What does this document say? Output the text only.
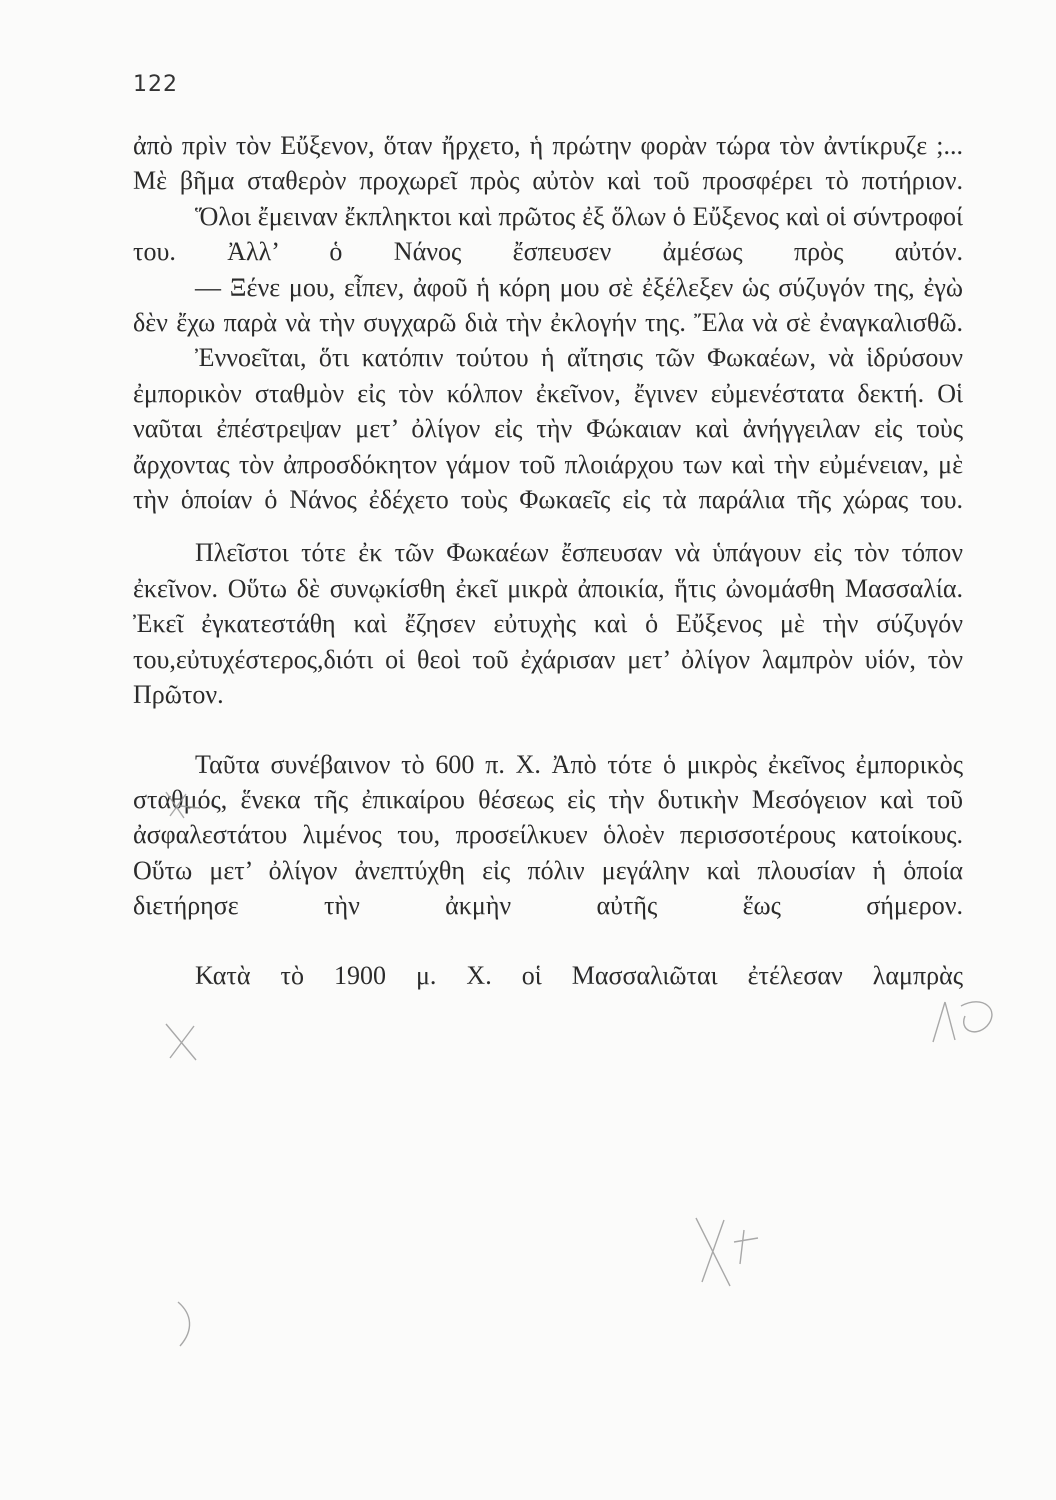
122

ἀπὸ πρὶν τὸν Εὔξενον, ὅταν ἤρχετο, ἡ πρώτην φορὰν τώρα τὸν ἀντίκρυζε ;... Μὲ βῆμα σταθερὸν προχωρεῖ πρὸς αὐτὸν καὶ τοῦ προσφέρει τὸ ποτήριον.

Ὅλοι ἔμειναν ἔκπληκτοι καὶ πρῶτος ἐξ ὅλων ὁ Εὔξενος καὶ οἱ σύντροφοί του. Ἀλλ’ ὁ Νάνος ἔσπευσεν ἀμέσως πρὸς αὐτόν.

— Ξένε μου, εἶπεν, ἀφοῦ ἡ κόρη μου σὲ ἐξέλεξεν ὡς σύζυγόν της, ἐγὼ δὲν ἔχω παρὰ νὰ τὴν συγχαρῶ διὰ τὴν ἐκλογήν της. Ἔλα νὰ σὲ ἐναγκαλισθῶ.

Ἐννοεῖται, ὅτι κατόπιν τούτου ἡ αἴτησις τῶν Φωκαέων, νὰ ἱδρύσουν ἐμπορικὸν σταθμὸν εἰς τὸν κόλπον ἐκεῖνον, ἔγινεν εὐμενέστατα δεκτή. Οἱ ναῦται ἐπέστρεψαν μετ’ ὀλίγον εἰς τὴν Φώκαιαν καὶ ἀνήγγειλαν εἰς τοὺς ἄρχοντας τὸν ἀπροσδόκητον γάμον τοῦ πλοιάρχου των καὶ τὴν εὐμένειαν, μὲ τὴν ὁποίαν ὁ Νάνος ἐδέχετο τοὺς Φωκαεῖς εἰς τὰ παράλια τῆς χώρας του.

Πλεῖστοι τότε ἐκ τῶν Φωκαέων ἔσπευσαν νὰ ὑπάγουν εἰς τὸν τόπον ἐκεῖνον. Οὕτω δὲ συνῳκίσθη ἐκεῖ μικρὰ ἀποικία, ἥτις ὠνομάσθη Μασσαλία. Ἐκεῖ ἐγκατεστάθη καὶ ἔζησεν εὐτυχὴς καὶ ὁ Εὔξενος μὲ τὴν σύζυγόν του,εὐτυχέστερος,διότι οἱ θεοὶ τοῦ ἐχάρισαν μετ’ ὀλίγον λαμπρὸν υἱόν, τὸν Πρῶτον.

Ταῦτα συνέβαινον τὸ 600 π. Χ. Ἀπὸ τότε ὁ μικρὸς ἐκεῖνος ἐμπορικὸς σταθμός, ἕνεκα τῆς ἐπικαίρου θέσεως εἰς τὴν δυτικὴν Μεσόγειον καὶ τοῦ ἀσφαλεστάτου λιμένος του, προσείλκυεν ὁλοὲν περισσοτέρους κατοίκους. Οὕτω μετ’ ὀλίγον ἀνεπτύχθη εἰς πόλιν μεγάλην καὶ πλουσίαν ἡ ὁποία διετήρησε τὴν ἀκμὴν αὐτῆς ἕως σήμερον.

Κατὰ τὸ 1900 μ. Χ. οἱ Μασσαλιῶται ἐτέλεσαν λαμπρὰς
